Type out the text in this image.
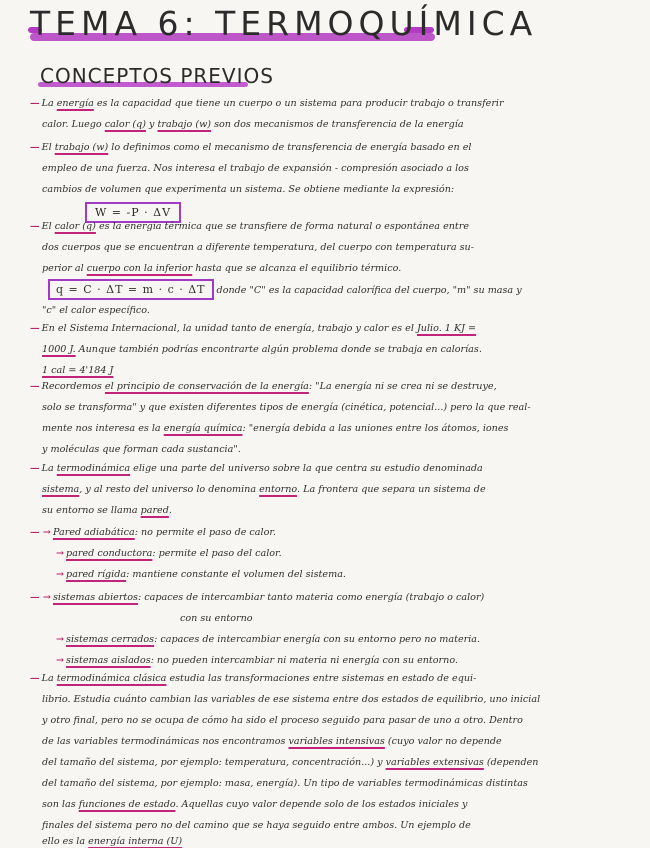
TEMA 6: TERMOQUÍMICA
CONCEPTOS PREVIOS
— La energía es la capacidad que tiene un cuerpo o un sistema para producir trabajo o transferir
calor. Luego calor (q) y trabajo (w) son dos mecanismos de transferencia de la energía
— El trabajo (w) lo definimos como el mecanismo de transferencia de energía basado en el
empleo de una fuerza. Nos interesa el trabajo de expansión - compresión asociado a los
cambios de volumen que experimenta un sistema. Se obtiene mediante la expresión:
W = -P · ΔV
— El calor (q) es la energía térmica que se transfiere de forma natural o espontánea entre
dos cuerpos que se encuentran a diferente temperatura, del cuerpo con temperatura su-
perior al cuerpo con la inferior hasta que se alcanza el equilibrio térmico.
q = C · ΔT = m · c · ΔT donde "C" es la capacidad calorífica del cuerpo, "m" su masa y
"c" el calor específico.
— En el Sistema Internacional, la unidad tanto de energía, trabajo y calor es el Julio. 1 KJ =
1000 J. Aunque también podrías encontrarte algún problema donde se trabaja en calorías.
1 cal = 4'184 J
— Recordemos el principio de conservación de la energía: "La energía ni se crea ni se destruye,
solo se transforma" y que existen diferentes tipos de energía (cinética, potencial...) pero la que real-
mente nos interesa es la energía química: "energía debida a las uniones entre los átomos, iones
y moléculas que forman cada sustancia".
— La termodinámica elige una parte del universo sobre la que centra su estudio denominada
sistema, y al resto del universo lo denomina entorno. La frontera que separa un sistema de
su entorno se llama pared.
— → Pared adiabática: no permite el paso de calor.
→ pared conductora: permite el paso del calor.
→ pared rígida: mantiene constante el volumen del sistema.
— → sistemas abiertos: capaces de intercambiar tanto materia como energía (trabajo o calor)
con su entorno
→ sistemas cerrados: capaces de intercambiar energía con su entorno pero no materia.
→ sistemas aislados: no pueden intercambiar ni materia ni energía con su entorno.
— La termodinámica clásica estudia las transformaciones entre sistemas en estado de equi-
librio. Estudia cuánto cambian las variables de ese sistema entre dos estados de equilibrio, uno inicial
y otro final, pero no se ocupa de cómo ha sido el proceso seguido para pasar de uno a otro. Dentro
de las variables termodinámicas nos encontramos variables intensivas (cuyo valor no depende
del tamaño del sistema, por ejemplo: temperatura, concentración...) y variables extensivas (dependen
del tamaño del sistema, por ejemplo: masa, energía). Un tipo de variables termodinámicas distintas
son las funciones de estado. Aquellas cuyo valor depende solo de los estados iniciales y
finales del sistema pero no del camino que se haya seguido entre ambos. Un ejemplo de
ello es la energía interna (U)
